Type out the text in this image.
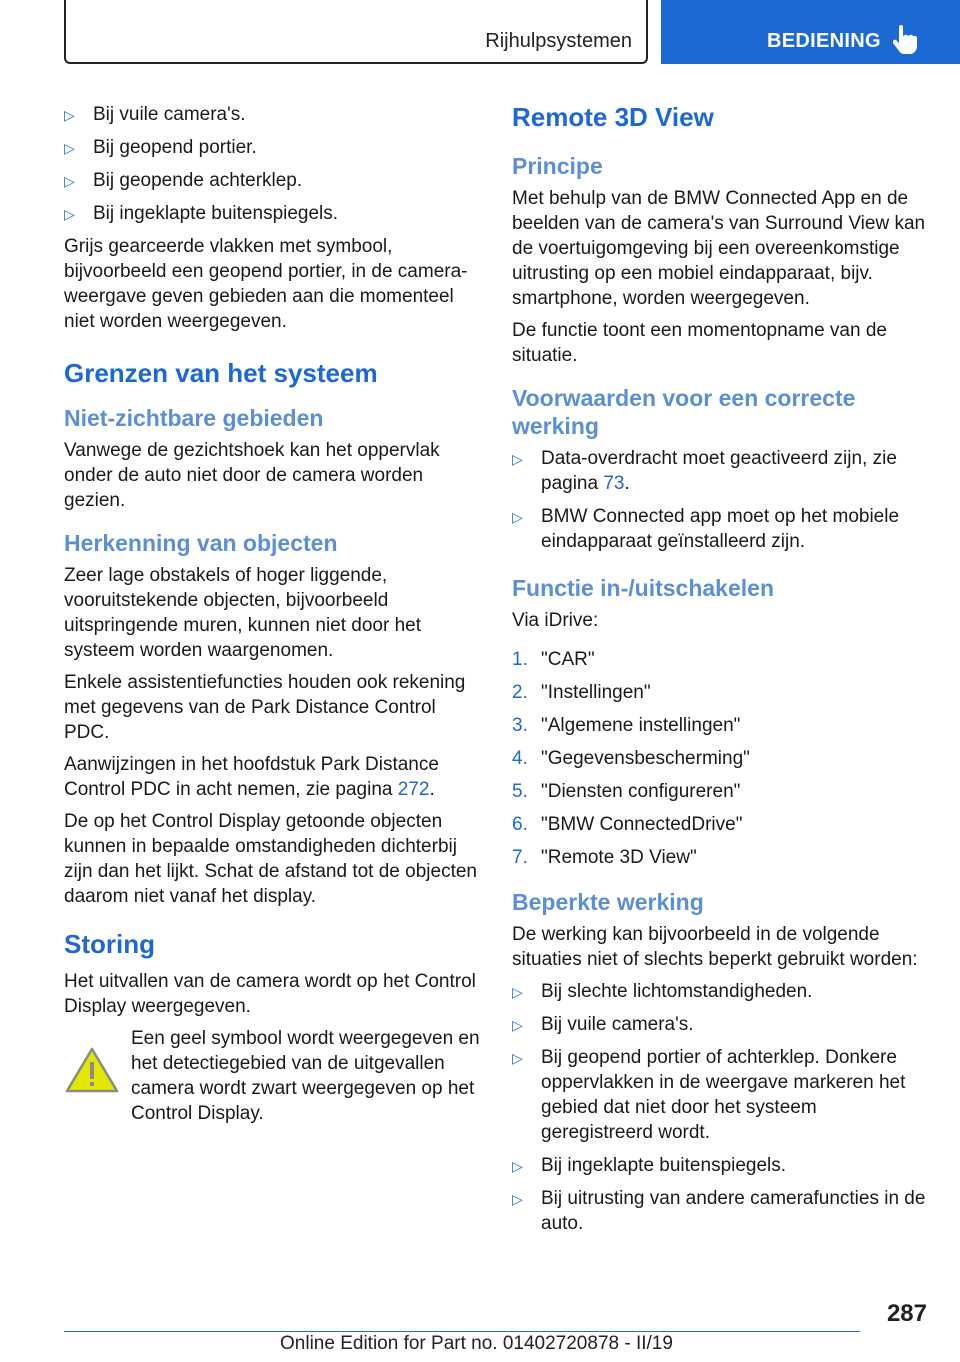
Rijhulpsystemen	BEDIENING
▷ Bij vuile camera's.
▷ Bij geopend portier.
▷ Bij geopende achterklep.
▷ Bij ingeklapte buitenspiegels.

Grijs gearceerde vlakken met symbool, bijvoorbeeld een geopend portier, in de cameraweergave geven gebieden aan die momenteel niet worden weergegeven.

Grenzen van het systeem
Niet-zichtbare gebieden

Vanwege de gezichtshoek kan het oppervlak onder de auto niet door de camera worden gezien.

Herkenning van objecten

Zeer lage obstakels of hoger liggende, vooruitstekende objecten, bijvoorbeeld uitspringende muren, kunnen niet door het systeem worden waargenomen.

Enkele assistentiefuncties houden ook rekening met gegevens van de Park Distance Control PDC.

Aanwijzingen in het hoofdstuk Park Distance Control PDC in acht nemen, zie pagina 272.

De op het Control Display getoonde objecten kunnen in bepaalde omstandigheden dichterbij zijn dan het lijkt. Schat de afstand tot de objecten daarom niet vanaf het display.

Storing

Het uitvallen van de camera wordt op het Control Display weergegeven.

Een geel symbool wordt weergegeven en het detectiegebied van de uitgevallen camera wordt zwart weergegeven op het Control Display.

Remote 3D View
Principe

Met behulp van de BMW Connected App en de beelden van de camera's van Surround View kan de voertuigomgeving bij een overeenkomstige uitrusting op een mobiel eindapparaat, bijv. smartphone, worden weergegeven.

De functie toont een momentopname van de situatie.

Voorwaarden voor een correcte werking
▷ Data-overdracht moet geactiveerd zijn, zie pagina 73.
▷ BMW Connected app moet op het mobiele eindapparaat geïnstalleerd zijn.
Functie in-/uitschakelen

Via iDrive:

1. "CAR"
2. "Instellingen"
3. "Algemene instellingen"
4. "Gegevensbescherming"
5. "Diensten configureren"
6. "BMW ConnectedDrive"
7. "Remote 3D View"
Beperkte werking

De werking kan bijvoorbeeld in de volgende situaties niet of slechts beperkt gebruikt worden:

▷ Bij slechte lichtomstandigheden.
▷ Bij vuile camera's.
▷ Bij geopend portier of achterklep. Donkere oppervlakken in de weergave markeren het gebied dat niet door het systeem geregistreerd wordt.
▷ Bij ingeklapte buitenspiegels.
▷ Bij uitrusting van andere camerafuncties in de auto.
287
Online Edition for Part no. 01402720878 - II/19
